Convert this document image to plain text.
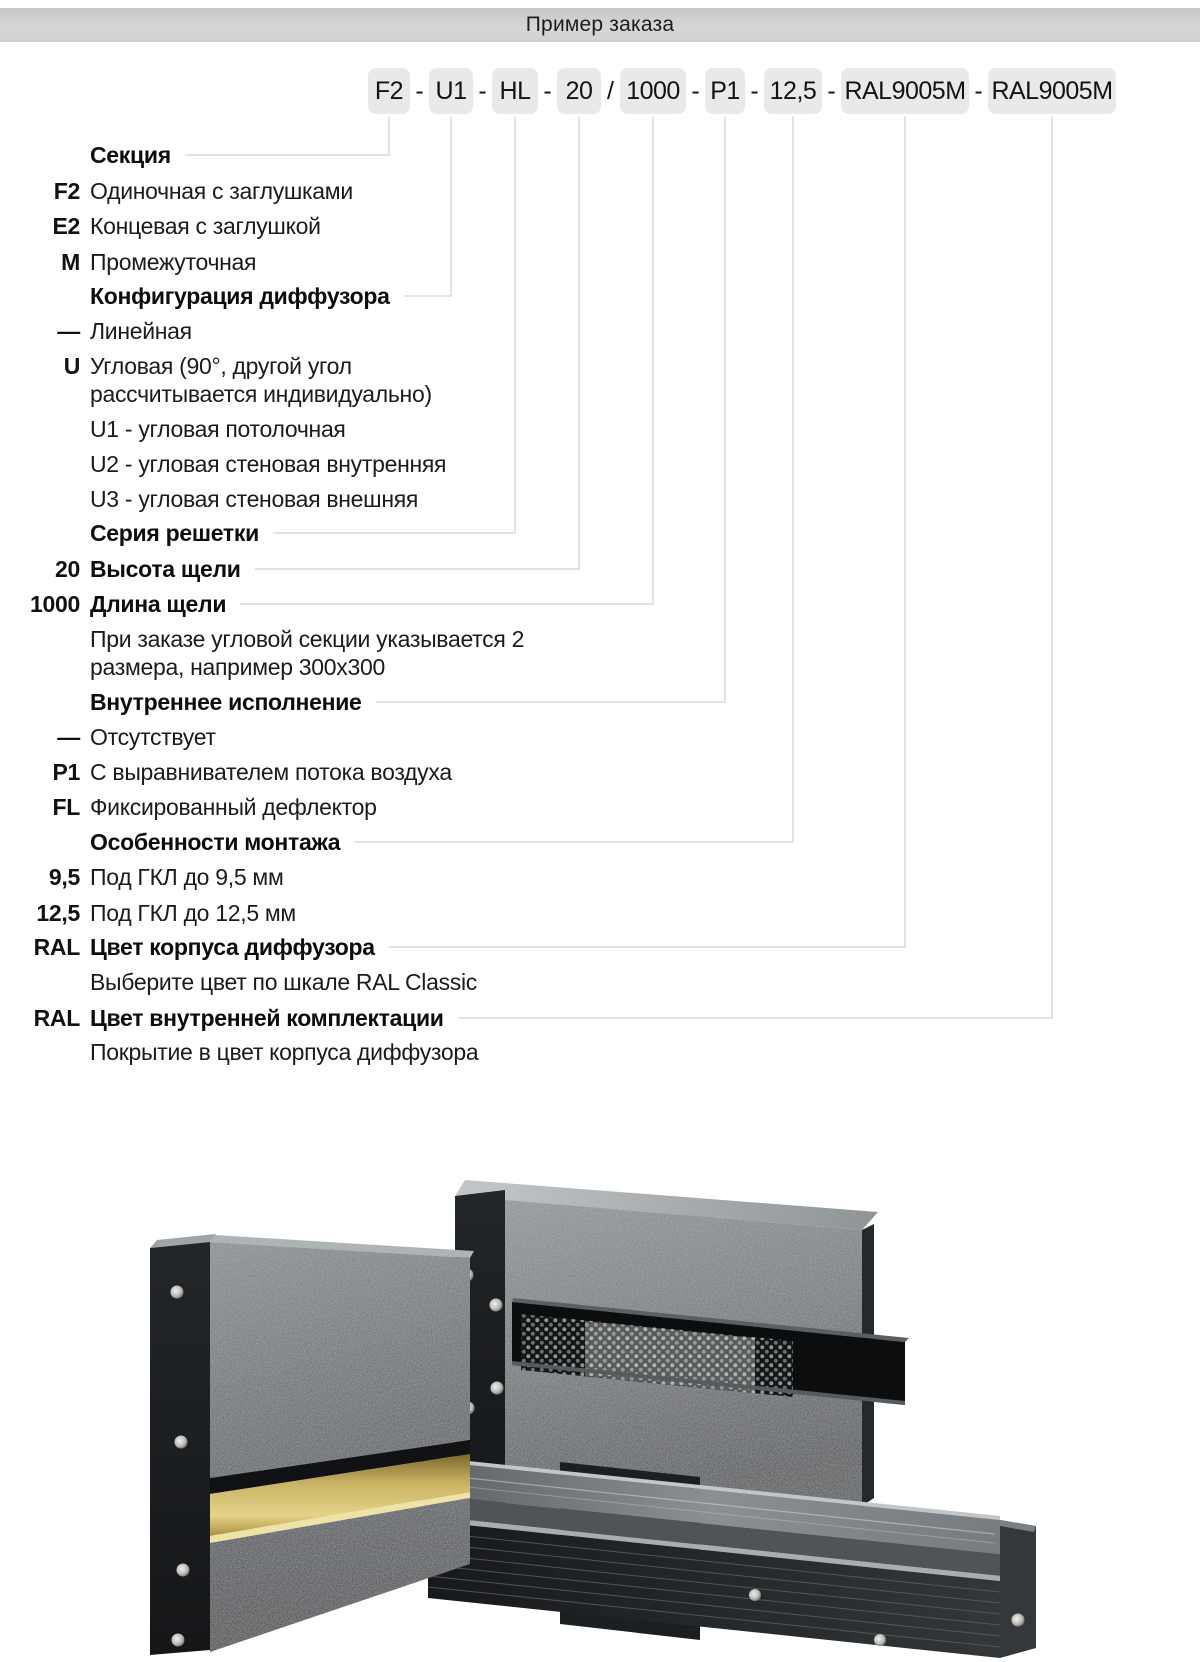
Пример заказа
F2 - U1 - HL - 20 / 1000 - P1 - 12,5 - RAL9005M - RAL9005M
Секция
F2 Одиночная с заглушками
E2 Концевая с заглушкой
M Промежуточная
Конфигурация диффузора
— Линейная
U Угловая (90°, другой угол
рассчитывается индивидуально)
U1 - угловая потолочная
U2 - угловая стеновая внутренняя
U3 - угловая стеновая внешняя
Серия решетки
20 Высота щели
1000 Длина щели
При заказе угловой секции указывается 2
размера, например 300х300
Внутреннее исполнение
— Отсутствует
P1 С выравнивателем потока воздуха
FL Фиксированный дефлектор
Особенности монтажа
9,5 Под ГКЛ до 9,5 мм
12,5 Под ГКЛ до 12,5 мм
RAL Цвет корпуса диффузора
Выберите цвет по шкале RAL Classic
RAL Цвет внутренней комплектации
Покрытие в цвет корпуса диффузора
